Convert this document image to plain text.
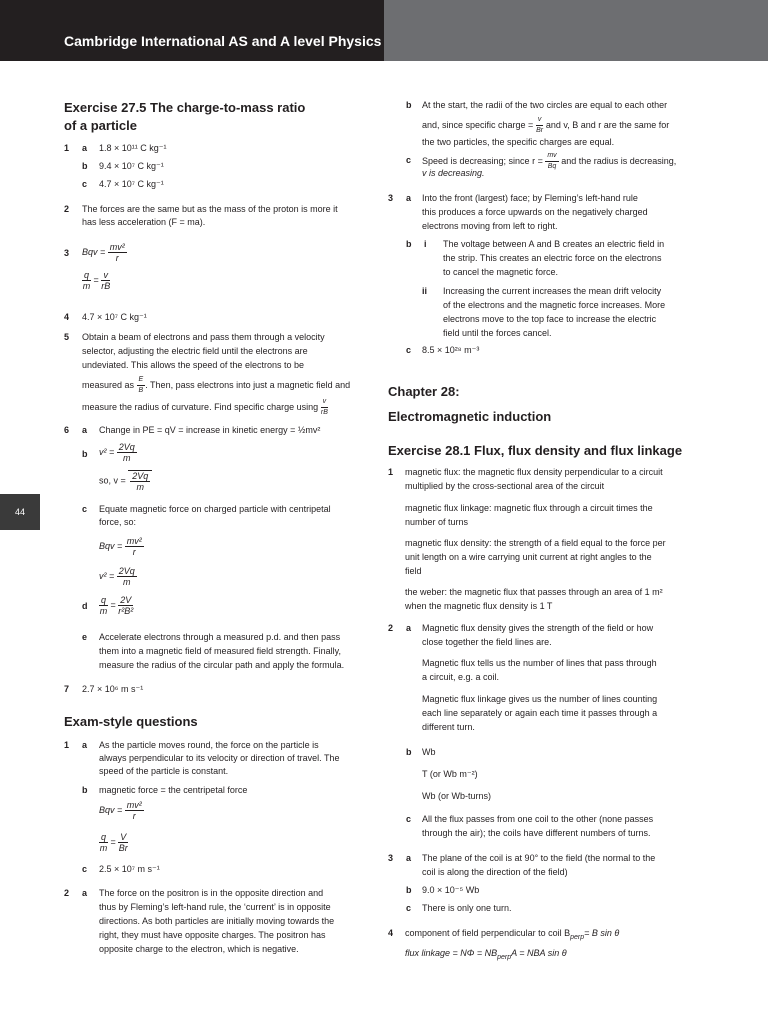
Cambridge International AS and A level Physics
44
Exercise 27.5 The charge-to-mass ratio
of a particle
1 a 1.8 × 10¹¹ C kg⁻¹
b 9.4 × 10⁷ C kg⁻¹
c 4.7 × 10⁷ C kg⁻¹
2 The forces are the same but as the mass of the proton is more it
has less acceleration (F = ma).
3 Bqv = $\frac{\text{mv²}}{r}$
$\frac{q}{m} = \frac{v}{rB}$
4 4.7 × 10⁷ C kg⁻¹
5 Obtain a beam of electrons and pass them through a velocity
selector, adjusting the electric field until the electrons are
undeviated. This allows the speed of the electrons to be
measured as $\frac{E}{B}$ . Then, pass electrons into just a magnetic field and
measure the radius of curvature. Find specific charge using $\frac{v}{rB}$
6 a Change in PE = qV = increase in kinetic energy = ½mv²
b $v^2 = \frac{2Vq}{m}$
so, $v = \frac{2Vq}{m}$
c Equate magnetic force on charged particle with centripetal
force, so:
Bqv = $\frac{\text{mv²}}{r}$
$v^2 = \frac{2Vq}{m}$
d $\frac{q}{m} = \frac{2V}{\text{r²B²}}$
e Accelerate electrons through a measured p.d. and then pass
them into a magnetic field of measured field strength. Finally,
measure the radius of the circular path and apply the formula.
7 2.7 × 10⁶ m s⁻¹
Exam-style questions
1 a As the particle moves round, the force on the particle is
always perpendicular to its velocity or direction of travel. The
speed of the particle is constant.
b magnetic force = the centripetal force
Bqv = $\frac{\text{mv²}}{r}$
$\frac{q}{m} = \frac{V}{Br}$
c 2.5 × 10⁷ m s⁻¹
2 a The force on the positron is in the opposite direction and
thus by Fleming’s left-hand rule, the ‘current’ is in opposite
directions. As both particles are initially moving towards the
right, they must have opposite charges. The positron has
opposite charge to the electron, which is negative.
b At the start, the radii of the two circles are equal to each other
and, since specific charge = $\frac{v}{Br}$ and v, B and r are the same for
the two particles, the specific charges are equal.
c Speed is decreasing; since $r = \frac{mv}{Bq}$ and the radius is decreasing,
v is decreasing.
3 a Into the front (largest) face; by Fleming’s left-hand rule
this produces a force upwards on the negatively charged
electrons moving from left to right.
b i The voltage between A and B creates an electric field in
the strip. This creates an electric force on the electrons
to cancel the magnetic force.
ii Increasing the current increases the mean drift velocity
of the electrons and the magnetic force increases. More
electrons move to the top face to increase the electric
field until the forces cancel.
c 8.5 × 10²⁸ m⁻³
Chapter 28:
Electromagnetic induction
Exercise 28.1 Flux, flux density and flux linkage
1 magnetic flux: the magnetic flux density perpendicular to a circuit
multiplied by the cross-sectional area of the circuit
magnetic flux linkage: magnetic flux through a circuit times the
number of turns
magnetic flux density: the strength of a field equal to the force per
unit length on a wire carrying unit current at right angles to the
field
the weber: the magnetic flux that passes through an area of 1 m²
when the magnetic flux density is 1 T
2 a Magnetic flux density gives the strength of the field or how
close together the field lines are.
Magnetic flux tells us the number of lines that pass through
a circuit, e.g. a coil.
Magnetic flux linkage gives us the number of lines counting
each line separately or again each time it passes through a
different turn.
b Wb
T (or Wb m⁻²)
Wb (or Wb-turns)
c All the flux passes from one coil to the other (none passes
through the air); the coils have different numbers of turns.
3 a The plane of the coil is at 90° to the field (the normal to the
coil is along the direction of the field)
b 9.0 × 10⁻⁵ Wb
c There is only one turn.
4 component of field perpendicular to coil $B_{perp}= B$ sin θ
flux linkage = $N\Phi = NB_{perp}A$ = NBA sin θ
